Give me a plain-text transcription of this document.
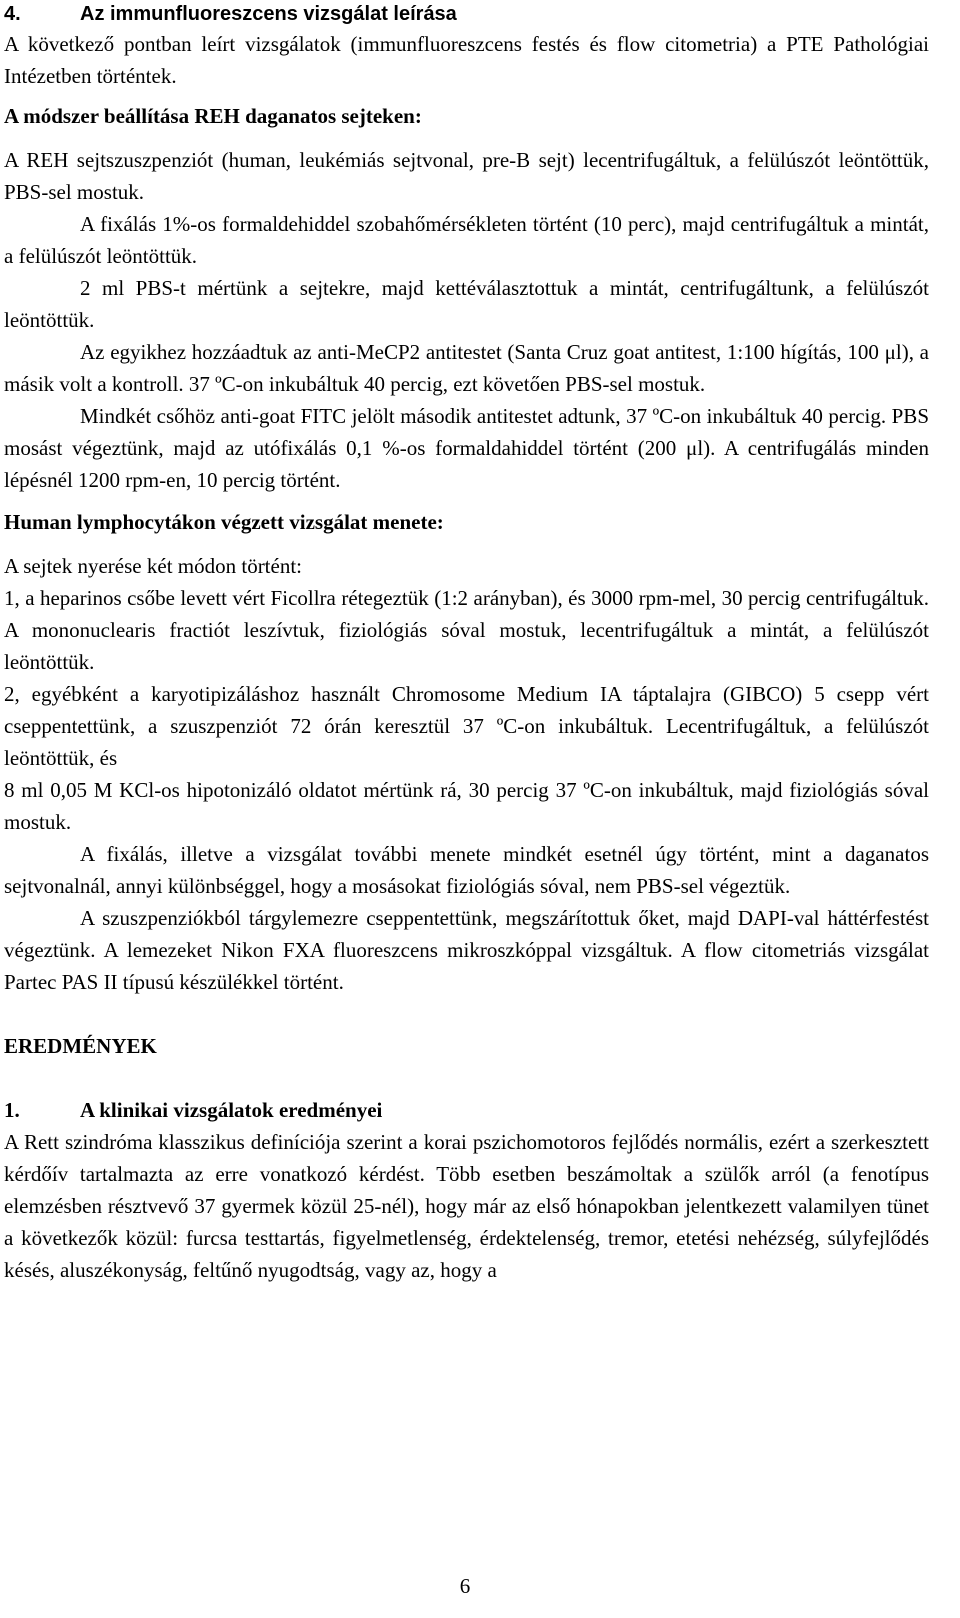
4.	Az immunfluoreszcens vizsgálat leírása

A következő pontban leírt vizsgálatok (immunfluoreszcens festés és flow citometria) a PTE Pathológiai Intézetben történtek.

A módszer beállítása REH daganatos sejteken:

A REH sejtszuszpenziót (human, leukémiás sejtvonal, pre-B sejt) lecentrifugáltuk, a felülúszót leöntöttük, PBS-sel mostuk.

A fixálás 1%-os formaldehiddel szobahőmérsékleten történt (10 perc), majd centrifugáltuk a mintát, a felülúszót leöntöttük.

2 ml PBS-t mértünk a sejtekre, majd kettéválasztottuk a mintát, centrifugáltunk, a felülúszót leöntöttük.

Az egyikhez hozzáadtuk az anti-MeCP2 antitestet (Santa Cruz goat antitest, 1:100 hígítás, 100 μl), a másik volt a kontroll. 37 ºC-on inkubáltuk 40 percig, ezt követően PBS-sel mostuk.

Mindkét csőhöz anti-goat FITC jelölt második antitestet adtunk, 37 ºC-on inkubáltuk 40 percig. PBS mosást végeztünk, majd az utófixálás 0,1 %-os formaldahiddel történt (200 μl). A centrifugálás minden lépésnél 1200 rpm-en, 10 percig történt.

Human lymphocytákon végzett vizsgálat menete:

A sejtek nyerése két módon történt:

1, a heparinos csőbe levett vért Ficollra rétegeztük (1:2 arányban), és 3000 rpm-mel, 30 percig centrifugáltuk. A mononuclearis fractiót leszívtuk, fiziológiás sóval mostuk, lecentrifugáltuk a mintát, a felülúszót leöntöttük.

2, egyébként a karyotipizáláshoz használt Chromosome Medium IA táptalajra (GIBCO) 5 csepp vért cseppentettünk, a szuszpenziót 72 órán keresztül 37 ºC-on inkubáltuk. Lecentrifugáltuk, a felülúszót leöntöttük, és
8 ml 0,05 M KCl-os hipotonizáló oldatot mértünk rá, 30 percig 37 ºC-on inkubáltuk, majd fiziológiás sóval mostuk.

A fixálás, illetve a vizsgálat további menete mindkét esetnél úgy történt, mint a daganatos sejtvonalnál, annyi különbséggel, hogy a mosásokat fiziológiás sóval, nem PBS-sel végeztük.

A szuszpenziókból tárgylemezre cseppentettünk, megszárítottuk őket, majd DAPI-val háttérfestést végeztünk. A lemezeket Nikon FXA fluoreszcens mikroszkóppal vizsgáltuk. A flow citometriás vizsgálat Partec PAS II típusú készülékkel történt.

EREDMÉNYEK

1.	A klinikai vizsgálatok eredményei

A Rett szindróma klasszikus definíciója szerint a korai pszichomotoros fejlődés normális, ezért a szerkesztett kérdőív tartalmazta az erre vonatkozó kérdést. Több esetben beszámoltak a szülők arról (a fenotípus elemzésben résztvevő 37 gyermek közül 25-nél), hogy már az első hónapokban jelentkezett valamilyen tünet a következők közül: furcsa testtartás, figyelmetlenség, érdektelenség, tremor, etetési nehézség, súlyfejlődés késés, aluszékonyság, feltűnő nyugodtság, vagy az, hogy a

6
